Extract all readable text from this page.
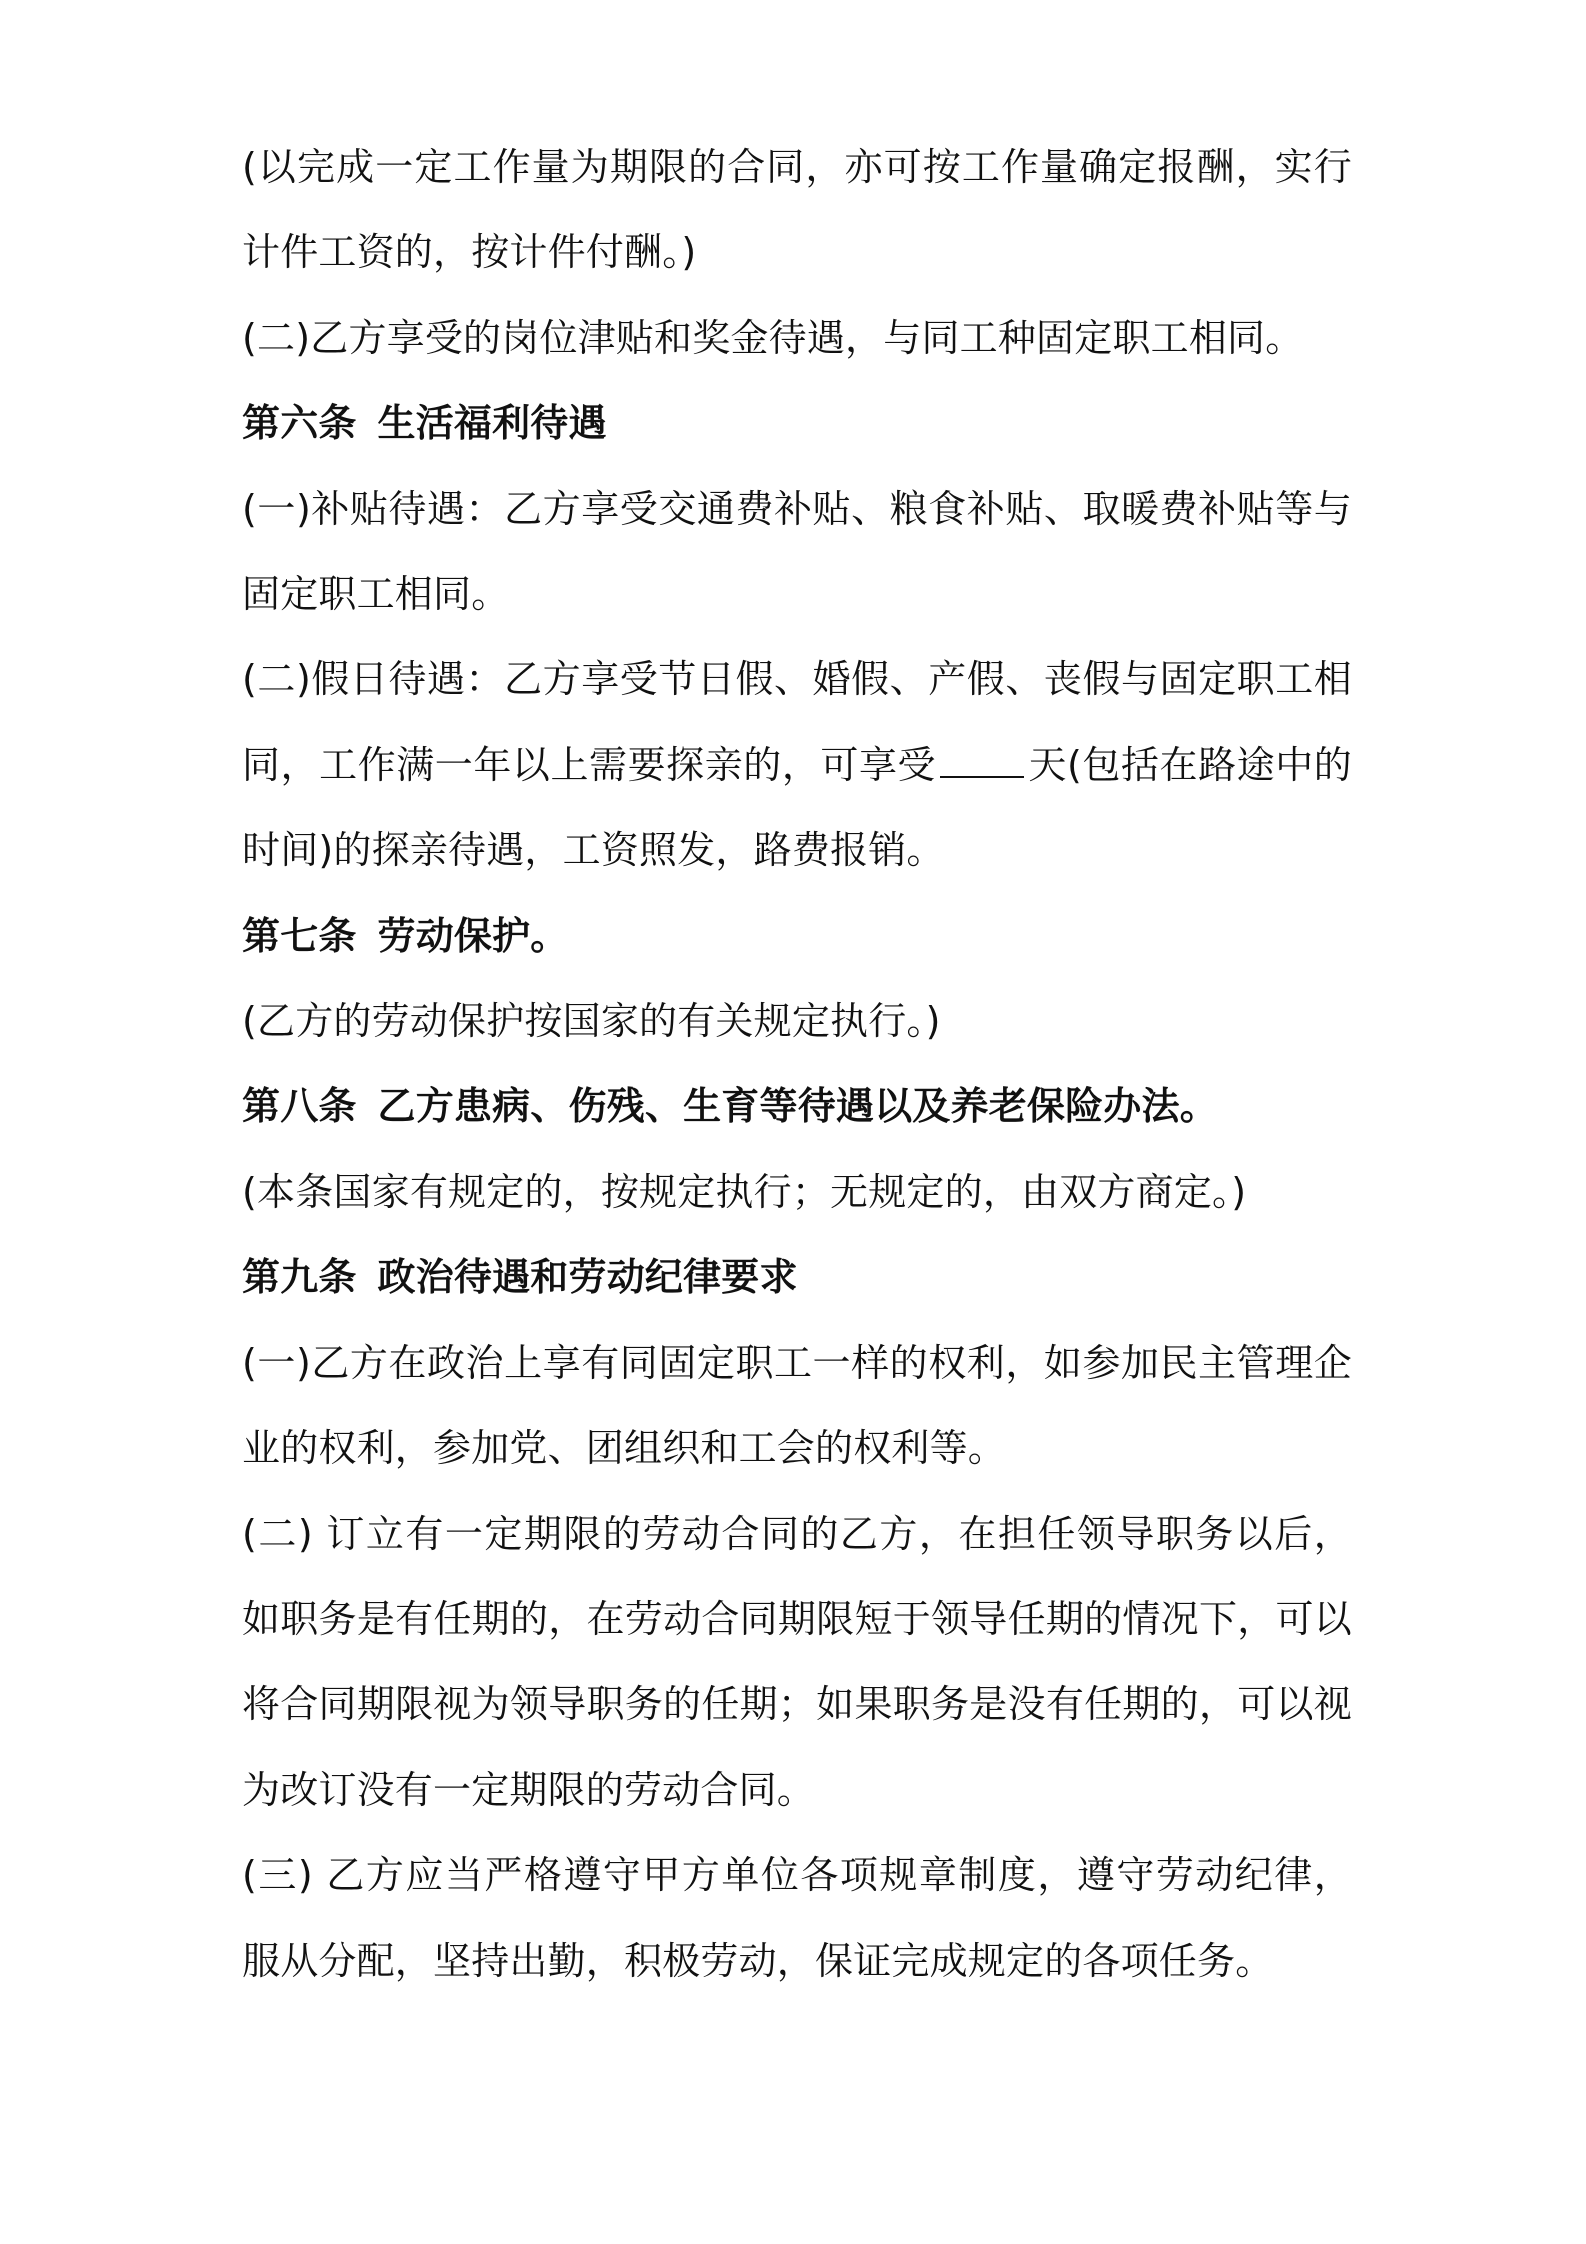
(以完成一定工作量为期限的合同，亦可按工作量确定报酬，实行计件工资的，按计件付酬。)

(二)乙方享受的岗位津贴和奖金待遇，与同工种固定职工相同。

第六条 生活福利待遇

(一)补贴待遇：乙方享受交通费补贴、粮食补贴、取暖费补贴等与固定职工相同。

(二)假日待遇：乙方享受节日假、婚假、产假、丧假与固定职工相同，工作满一年以上需要探亲的，可享受 天(包括在路途中的时间)的探亲待遇，工资照发，路费报销。

第七条 劳动保护。

(乙方的劳动保护按国家的有关规定执行。)

第八条 乙方患病、伤残、生育等待遇以及养老保险办法。

(本条国家有规定的，按规定执行；无规定的，由双方商定。)

第九条 政治待遇和劳动纪律要求

(一)乙方在政治上享有同固定职工一样的权利，如参加民主管理企业的权利，参加党、团组织和工会的权利等。

(二) 订立有一定期限的劳动合同的乙方，在担任领导职务以后，如职务是有任期的，在劳动合同期限短于领导任期的情况下，可以将合同期限视为领导职务的任期；如果职务是没有任期的，可以视为改订没有一定期限的劳动合同。

(三) 乙方应当严格遵守甲方单位各项规章制度，遵守劳动纪律，服从分配，坚持出勤，积极劳动，保证完成规定的各项任务。
